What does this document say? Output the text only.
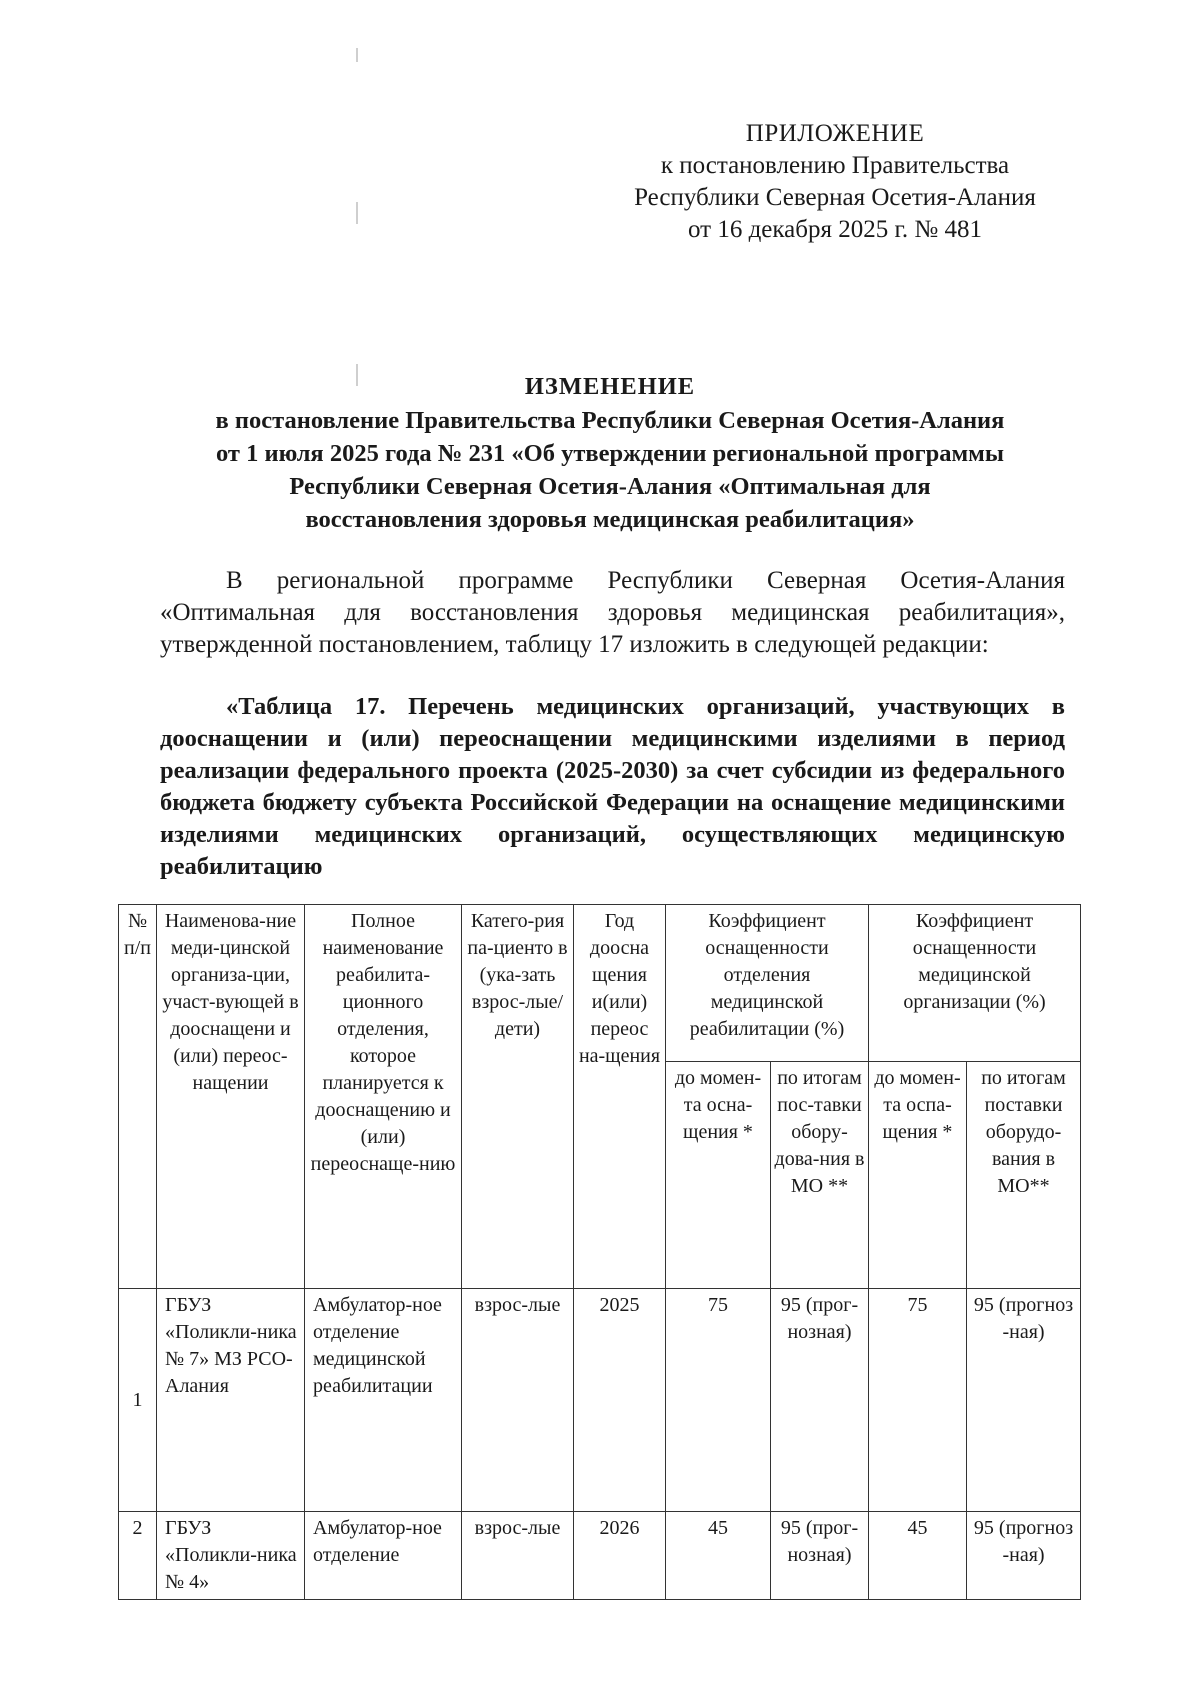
ПРИЛОЖЕНИЕ
к постановлению Правительства
Республики Северная Осетия-Алания
от 16 декабря 2025 г. № 481
ИЗМЕНЕНИЕ
в постановление Правительства Республики Северная Осетия-Алания
от 1 июля 2025 года № 231 «Об утверждении региональной программы
Республики Северная Осетия-Алания «Оптимальная для
восстановления здоровья медицинская реабилитация»
В региональной программе Республики Северная Осетия-Алания «Оптимальная для восстановления здоровья медицинская реабилитация», утвержденной постановлением, таблицу 17 изложить в следующей редакции:
«Таблица 17. Перечень медицинских организаций, участвующих в дооснащении и (или) переоснащении медицинскими изделиями в период реализации федерального проекта (2025-2030) за счет субсидии из федерального бюджета бюджету субъекта Российской Федерации на оснащение медицинскими изделиями медицинских организаций, осуществляющих медицинскую реабилитацию
№ п/п	Наименова-ние меди-цинской организа-ции, участ-вующей в дооснащени и (или) переос-нащении	Полное наименование реабилита-ционного отделения, которое планируется к дооснащению и (или) переоснаще-нию	Катего-рия па-циенто в (ука-зать взрос-лые/ дети)	Год доосна щения и(или) переос на-щения	Коэффициент оснащенности отделения медицинской реабилитации (%)		Коэффициент оснащенности медицинской организации (%)	
					до момен-та осна-щения *	по итогам пос-тавки обору-дова-ния в МО **	до момен-та оспа-щения *	по итогам поставки оборудо-вания в МО**
1	ГБУЗ «Поликли-ника № 7» МЗ РСО-Алания	Амбулатор-ное отделение медицинской реабилитации	взрос-лые	2025	75	95 (прог-нозная)	75	95 (прогноз -ная)
2	ГБУЗ «Поликли-ника № 4»	Амбулатор-ное отделение	взрос-лые	2026	45	95 (прог-нозная)	45	95 (прогноз -ная)
